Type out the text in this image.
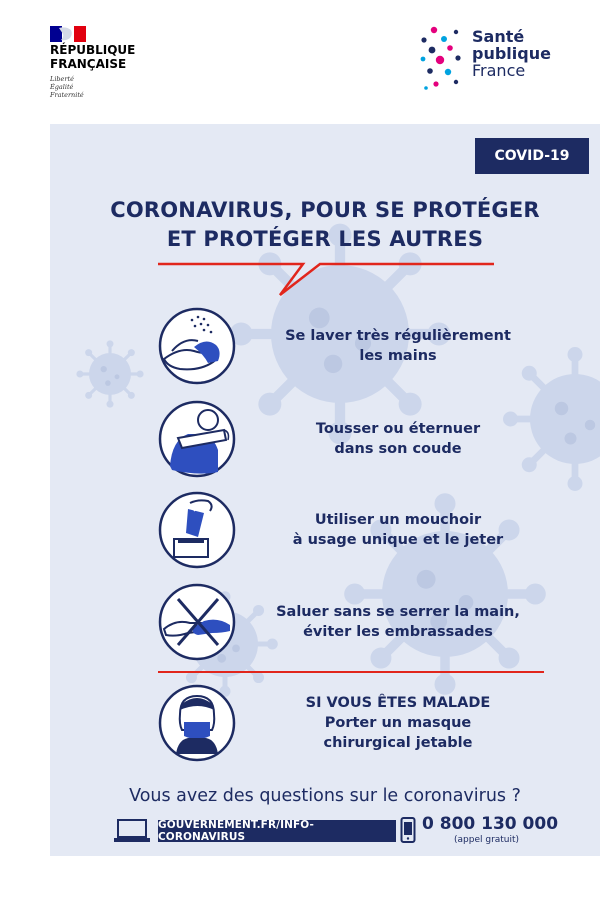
RÉPUBLIQUE
FRANÇAISE
Liberté
Égalité
Fraternité
Santé
publique
France
COVID-19
CORONAVIRUS, POUR SE PROTÉGER
ET PROTÉGER LES AUTRES
Se laver très régulièrement
les mains
Tousser ou éternuer
dans son coude
Utiliser un mouchoir
à usage unique et le jeter
Saluer sans se serrer la main,
éviter les embrassades
SI VOUS ÊTES MALADE
Porter un masque
chirurgical jetable
Vous avez des questions sur le coronavirus ?
GOUVERNEMENT.FR/INFO-CORONAVIRUS
0 800 130 000
(appel gratuit)
